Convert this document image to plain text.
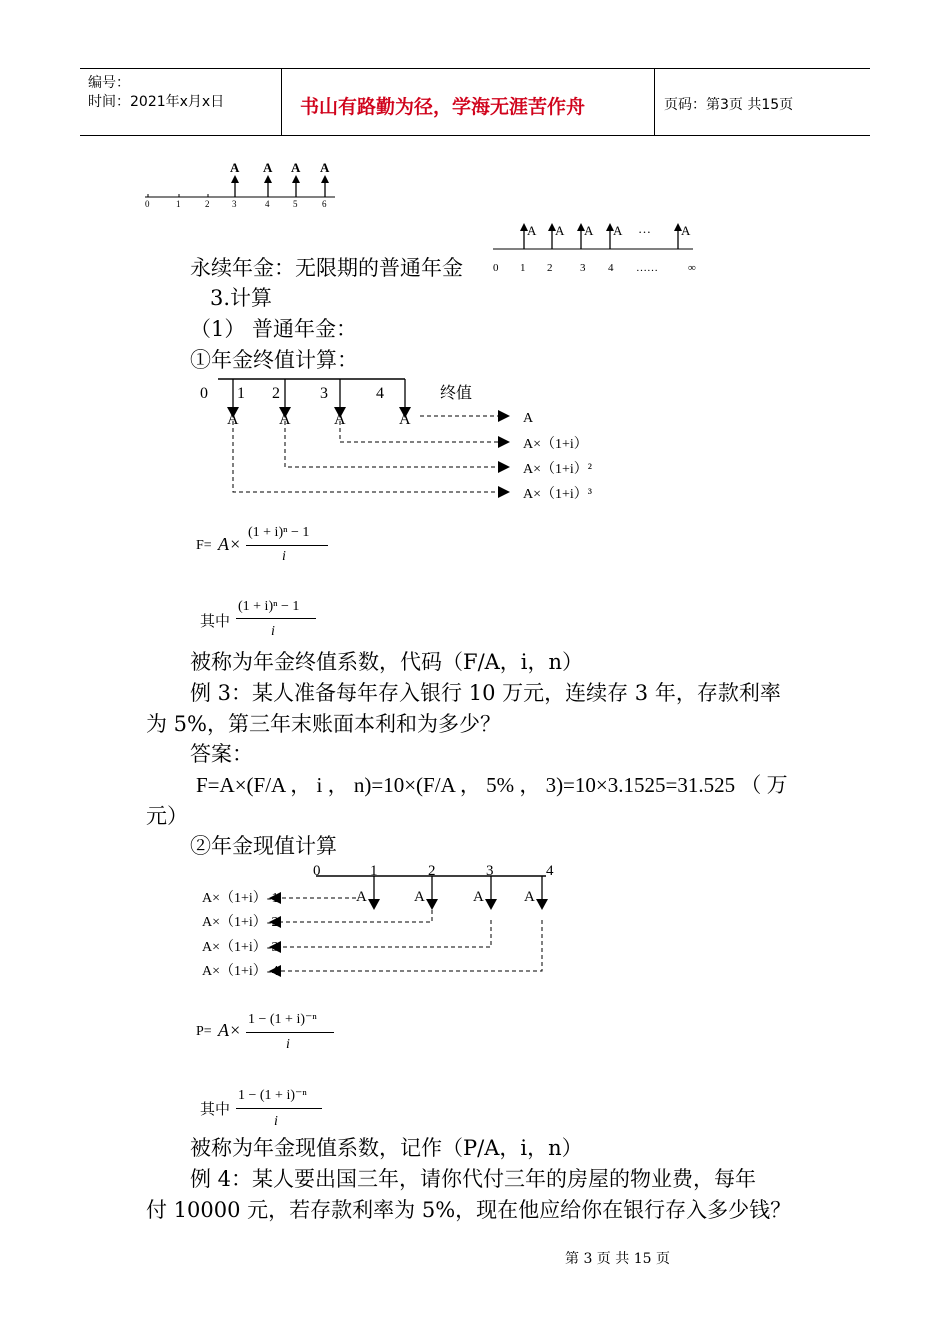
编号：
时间：2021年x月x日	书山有路勤为径，学海无涯苦作舟	页码：第3页 共15页
0	1	2	3	4	5	6
A A A A
A A A A	A
…
0 1 2	3 4 ……	∞
永续年金：无限期的普通年金
3.计算
（1） 普通年金：
①年金终值计算：
终值
0 1 2	3	4
A	A	A	A	A
A×（1+i）
A×（1+i）²
A×（1+i）³
F= A×
(1 + i)ⁿ − 1
i
其中
(1 + i)ⁿ − 1
i
被称为年金终值系数，代码（F/A，i，n）
例 3：某人准备每年存入银行 10 万元，连续存 3 年，存款利率
为 5%，第三年末账面本利和为多少？
答案：
F=A×(F/A ， i ， n)=10×(F/A ， 5% ， 3)=10×3.1525=31.525 （ 万
元）
②年金现值计算
0	1	2	3	4
A	A	A	A
A×（1+i）-1
A×（1+i）-2
A×（1+i）-3
A×（1+i）-4
P= A×
1 − (1 + i)⁻ⁿ
i
其中
1 − (1 + i)⁻ⁿ
i
被称为年金现值系数，记作（P/A，i，n）
例 4：某人要出国三年，请你代付三年的房屋的物业费，每年
付 10000 元，若存款利率为 5%，现在他应给你在银行存入多少钱？
第 3 页 共 15 页
